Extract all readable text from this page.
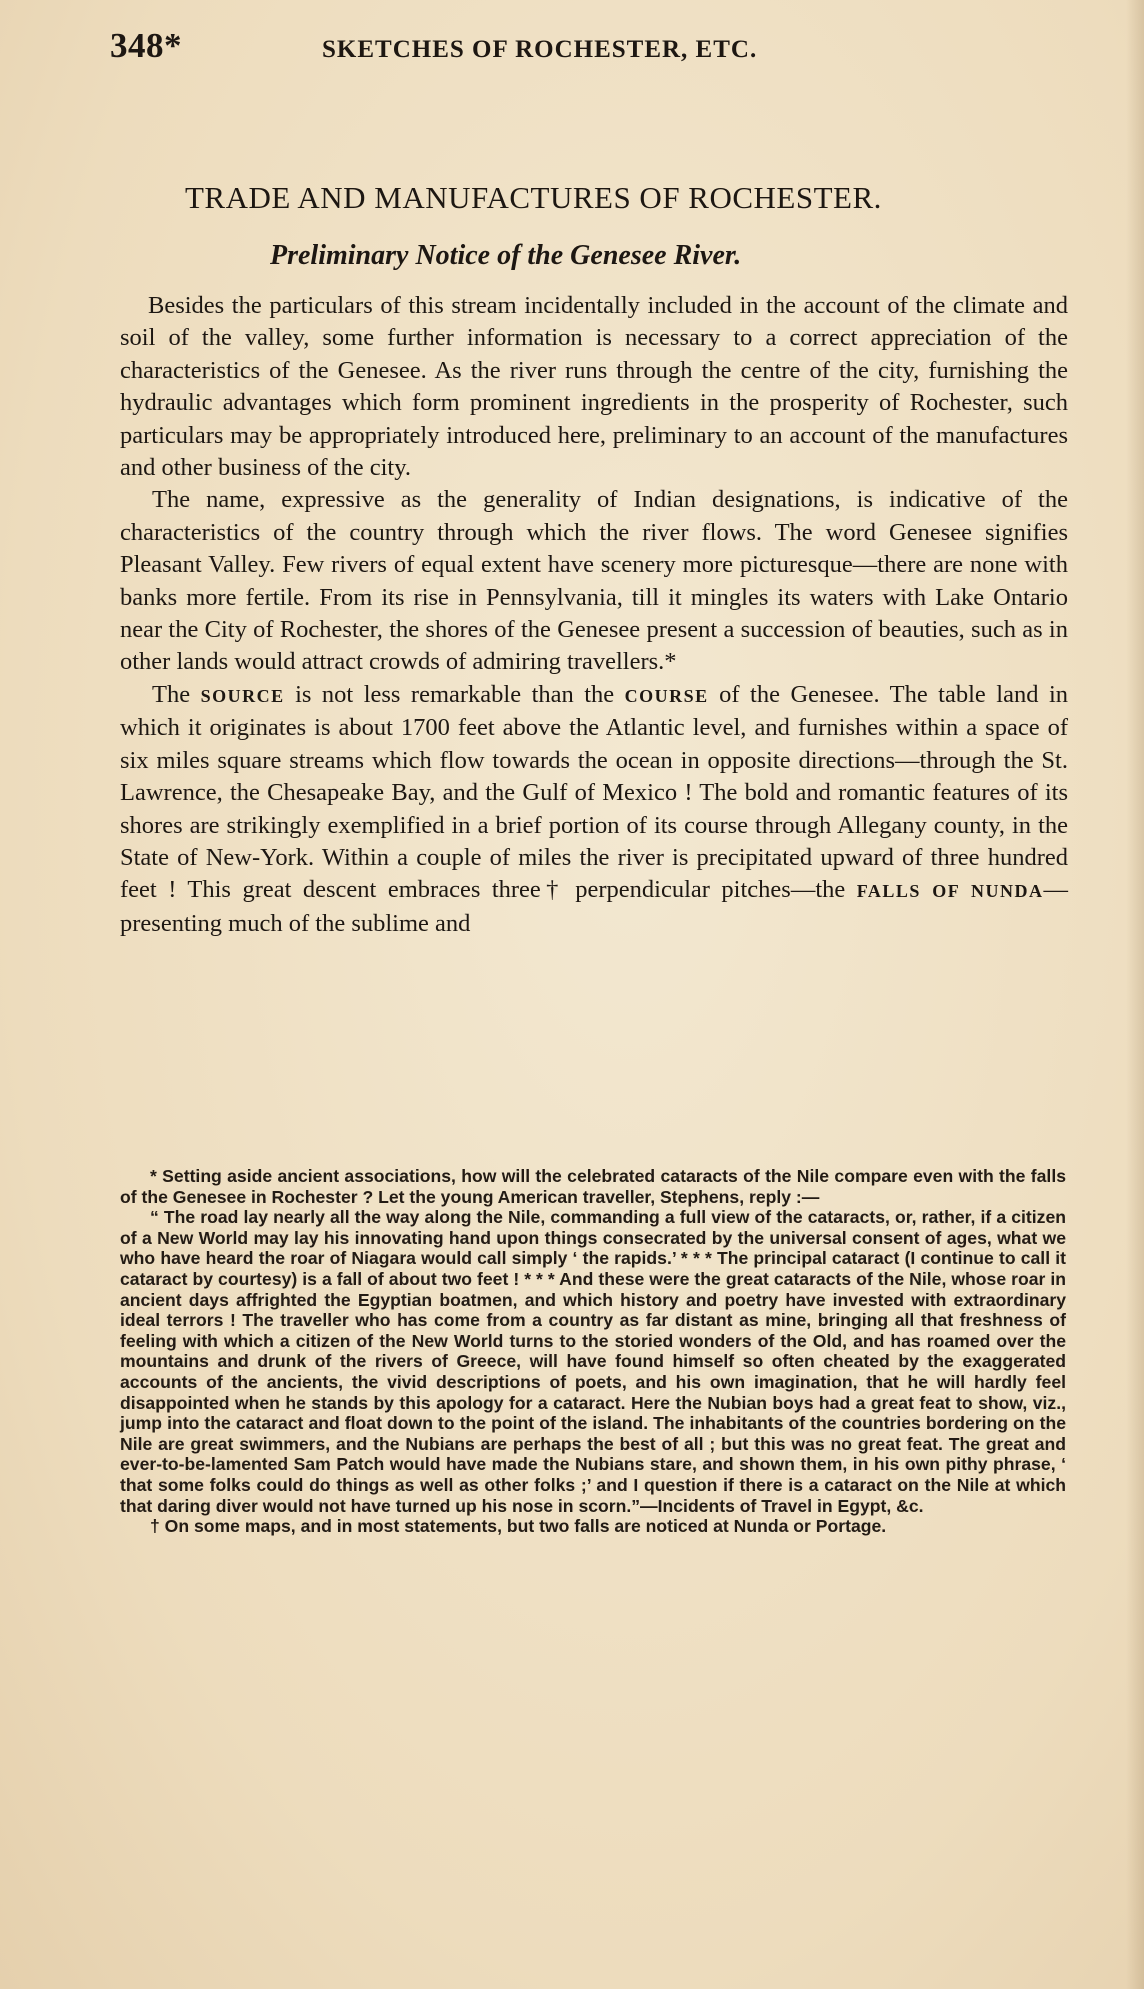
348*	SKETCHES OF ROCHESTER, ETC.
TRADE AND MANUFACTURES OF ROCHESTER.
Preliminary Notice of the Genesee River.

Besides the particulars of this stream incidentally included in the account of the climate and soil of the valley, some further information is necessary to a correct appreciation of the characteristics of the Genesee. As the river runs through the centre of the city, furnishing the hydraulic advantages which form prominent ingredients in the prosperity of Rochester, such particulars may be appropriately introduced here, preliminary to an account of the manufactures and other business of the city.

The name, expressive as the generality of Indian designations, is indicative of the characteristics of the country through which the river flows. The word Genesee signifies Pleasant Valley. Few rivers of equal extent have scenery more picturesque—there are none with banks more fertile. From its rise in Pennsylvania, till it mingles its waters with Lake Ontario near the City of Rochester, the shores of the Genesee present a succession of beauties, such as in other lands would attract crowds of admiring travellers.*

The SOURCE is not less remarkable than the COURSE of the Genesee. The table land in which it originates is about 1700 feet above the Atlantic level, and furnishes within a space of six miles square streams which flow towards the ocean in opposite directions—through the St. Lawrence, the Chesapeake Bay, and the Gulf of Mexico ! The bold and romantic features of its shores are strikingly exemplified in a brief portion of its course through Allegany county, in the State of New-York. Within a couple of miles the river is precipitated upward of three hundred feet ! This great descent embraces three† perpendicular pitches—the FALLS OF NUNDA—presenting much of the sublime and

* Setting aside ancient associations, how will the celebrated cataracts of the Nile compare even with the falls of the Genesee in Rochester ? Let the young American traveller, Stephens, reply :—

“ The road lay nearly all the way along the Nile, commanding a full view of the cataracts, or, rather, if a citizen of a New World may lay his innovating hand upon things consecrated by the universal consent of ages, what we who have heard the roar of Niagara would call simply ‘ the rapids.’ * * * The principal cataract (I continue to call it cataract by courtesy) is a fall of about two feet ! * * * And these were the great cataracts of the Nile, whose roar in ancient days affrighted the Egyptian boatmen, and which history and poetry have invested with extraordinary ideal terrors ! The traveller who has come from a country as far distant as mine, bringing all that freshness of feeling with which a citizen of the New World turns to the storied wonders of the Old, and has roamed over the mountains and drunk of the rivers of Greece, will have found himself so often cheated by the exaggerated accounts of the ancients, the vivid descriptions of poets, and his own imagination, that he will hardly feel disappointed when he stands by this apology for a cataract. Here the Nubian boys had a great feat to show, viz., jump into the cataract and float down to the point of the island. The inhabitants of the countries bordering on the Nile are great swimmers, and the Nubians are perhaps the best of all ; but this was no great feat. The great and ever-to-be-lamented Sam Patch would have made the Nubians stare, and shown them, in his own pithy phrase, ‘ that some folks could do things as well as other folks ;’ and I question if there is a cataract on the Nile at which that daring diver would not have turned up his nose in scorn.”—Incidents of Travel in Egypt, &c.

† On some maps, and in most statements, but two falls are noticed at Nunda or Portage.
